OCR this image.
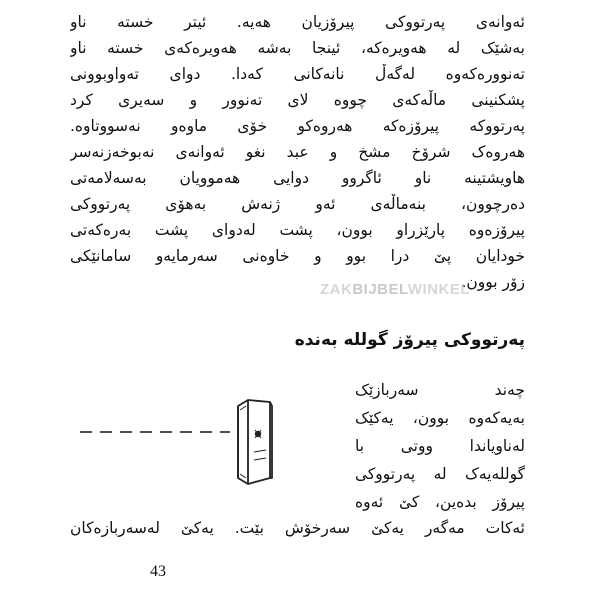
ئەوانەی پەرتووکی پیرۆزیان هەیە. ئیتر خستە ناو
بەشێک لە هەویرەکە، ئینجا بەشە هەویرەکەی خستە ناو
تەنوورەکەوە لەگەڵ نانەکانی کەدا. دوای تەواوبوونی
پشکنینی ماڵەکەی چووە لای تەنوور و سەیری کرد
پەرتووکە پیرۆزەکە هەروەکو خۆی ماوەو نەسووتاوە.
هەروەک شرۆخ مشخ و عبد نغو ئەوانەی نەبوخەزنەسر
هاویشتینە ناو ئاگروو دوایی هەموویان بەسەلامەتی
دەرچوون، بنەماڵەی ئەو ژنەش بەهۆی پەرتووکی
پیرۆزەوە پارێزراو بوون، پشت لەدوای پشت بەرەکەتی
خودایان پێ درا بوو و خاوەنی سەرمایەو سامانێکی
زۆر بوون.
ZAKBIJBELWINKEL
پەرتووکی پیرۆز گوللە بەندە
چەند سەربازێک
بەیەکەوە بوون، یەکێک
لەناویاندا ووتی با
گوللەیەک لە پەرتووکی
پیرۆز بدەین، کێ ئەوە
ئەکات مەگەر یەکێ سەرخۆش بێت. یەکێ لەسەربازەکان
43
